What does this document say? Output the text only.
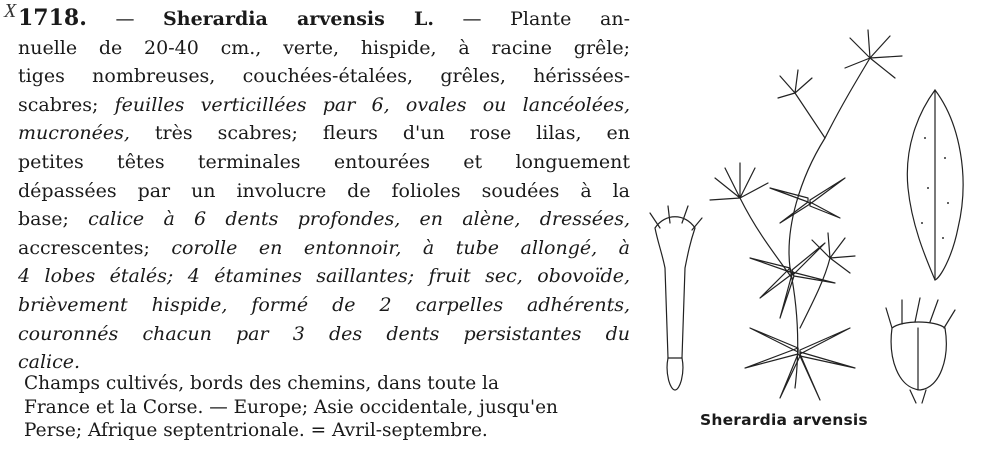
X 1718. — Sherardia arvensis L. — Plante an-
nuelle de 20-40 cm., verte, hispide, à racine grêle;
tiges nombreuses, couchées-étalées, grêles, hérissées-
scabres; feuilles verticillées par 6, ovales ou lancéolées,
mucronées, très scabres; fleurs d'un rose lilas, en
petites têtes terminales entourées et longuement
dépassées par un involucre de folioles soudées à la
base; calice à 6 dents profondes, en alène, dressées,
accrescentes; corolle en entonnoir, à tube allongé, à
4 lobes étalés; 4 étamines saillantes; fruit sec, obovoïde,
brièvement hispide, formé de 2 carpelles adhérents,
couronnés chacun par 3 des dents persistantes du
calice.
Champs cultivés, bords des chemins, dans toute la
France et la Corse. — Europe; Asie occidentale, jusqu'en
Perse; Afrique septentrionale. = Avril-septembre.	Sherardia arvensis
